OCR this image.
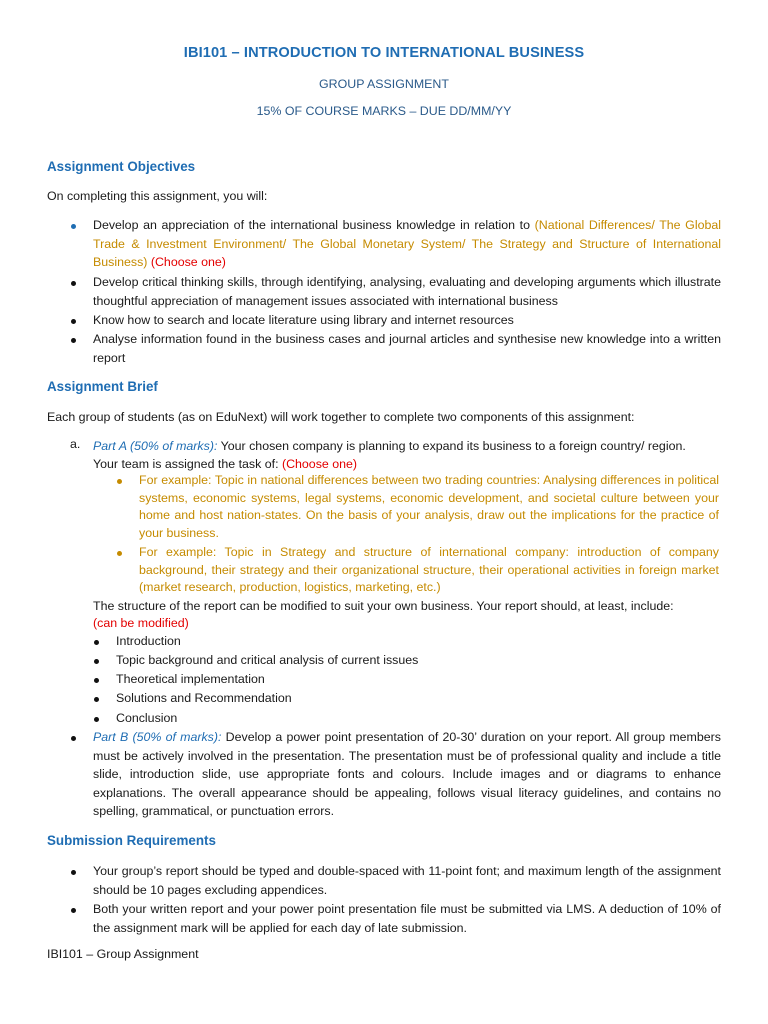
IBI101 – INTRODUCTION TO INTERNATIONAL BUSINESS
GROUP ASSIGNMENT
15% OF COURSE MARKS – DUE DD/MM/YY
Assignment Objectives
On completing this assignment, you will:
Develop an appreciation of the international business knowledge in relation to (National Differences/ The Global Trade & Investment Environment/ The Global Monetary System/ The Strategy and Structure of International Business) (Choose one)
Develop critical thinking skills, through identifying, analysing, evaluating and developing arguments which illustrate thoughtful appreciation of management issues associated with international business
Know how to search and locate literature using library and internet resources
Analyse information found in the business cases and journal articles and synthesise new knowledge into a written report
Assignment Brief
Each group of students (as on EduNext) will work together to complete two components of this assignment:
a. Part A (50% of marks): Your chosen company is planning to expand its business to a foreign country/ region.
Your team is assigned the task of: (Choose one)
For example: Topic in national differences between two trading countries: Analysing differences in political systems, economic systems, legal systems, economic development, and societal culture between your home and host nation-states. On the basis of your analysis, draw out the implications for the practice of your business.
For example: Topic in Strategy and structure of international company: introduction of company background, their strategy and their organizational structure, their operational activities in foreign market (market research, production, logistics, marketing, etc.)
The structure of the report can be modified to suit your own business. Your report should, at least, include:
(can be modified)
Introduction
Topic background and critical analysis of current issues
Theoretical implementation
Solutions and Recommendation
Conclusion
Part B (50% of marks): Develop a power point presentation of 20-30’ duration on your report. All group members must be actively involved in the presentation. The presentation must be of professional quality and include a title slide, introduction slide, use appropriate fonts and colours. Include images and or diagrams to enhance explanations. The overall appearance should be appealing, follows visual literacy guidelines, and contains no spelling, grammatical, or punctuation errors.
Submission Requirements
Your group’s report should be typed and double-spaced with 11-point font; and maximum length of the assignment should be 10 pages excluding appendices.
Both your written report and your power point presentation file must be submitted via LMS. A deduction of 10% of the assignment mark will be applied for each day of late submission.
IBI101 – Group Assignment
